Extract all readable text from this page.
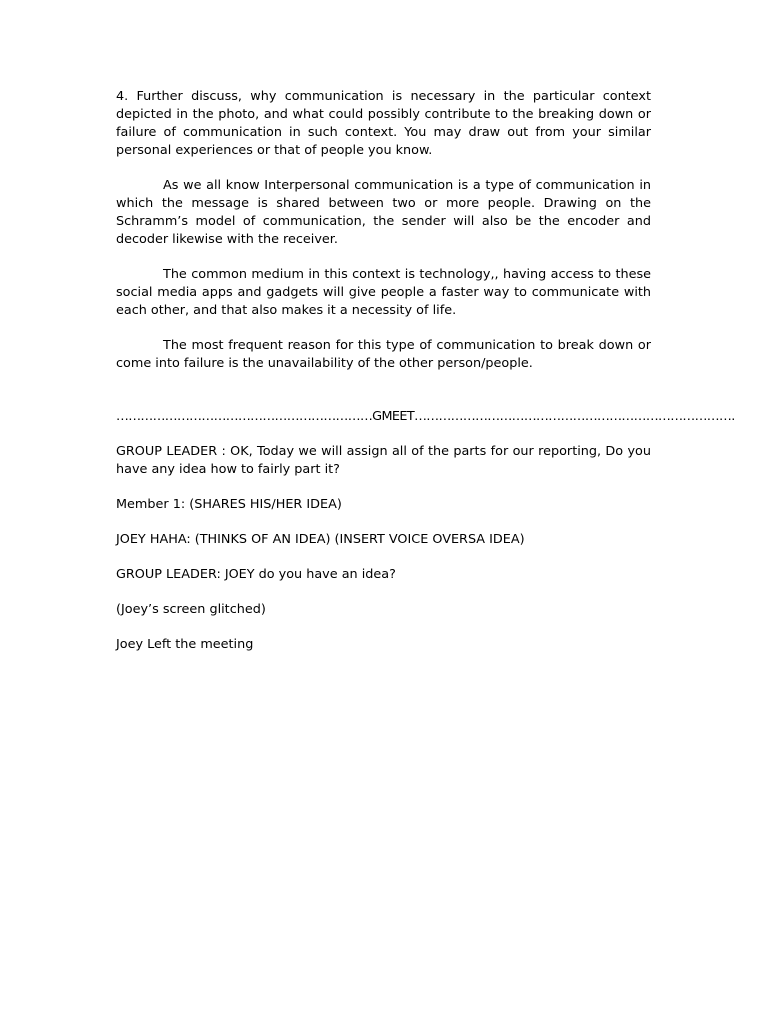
4. Further discuss, why communication is necessary in the particular context depicted in the photo, and what could possibly contribute to the breaking down or failure of communication in such context. You may draw out from your similar personal experiences or that of people you know.

As we all know Interpersonal communication is a type of communication in which the message is shared between two or more people. Drawing on the Schramm’s model of communication, the sender will also be the encoder and decoder likewise with the receiver.

The common medium in this context is technology,, having access to these social media apps and gadgets will give people a faster way to communicate with each other, and that also makes it a necessity of life.

The most frequent reason for this type of communication to break down or come into failure is the unavailability of the other person/people.

………………………………………………………GMEET…………………………………………………………………….

GROUP LEADER : OK, Today we will assign all of the parts for our reporting, Do you have any idea how to fairly part it?

Member 1: (SHARES HIS/HER IDEA)

JOEY HAHA: (THINKS OF AN IDEA) (INSERT VOICE OVERSA IDEA)

GROUP LEADER: JOEY do you have an idea?

(Joey’s screen glitched)

Joey Left the meeting
